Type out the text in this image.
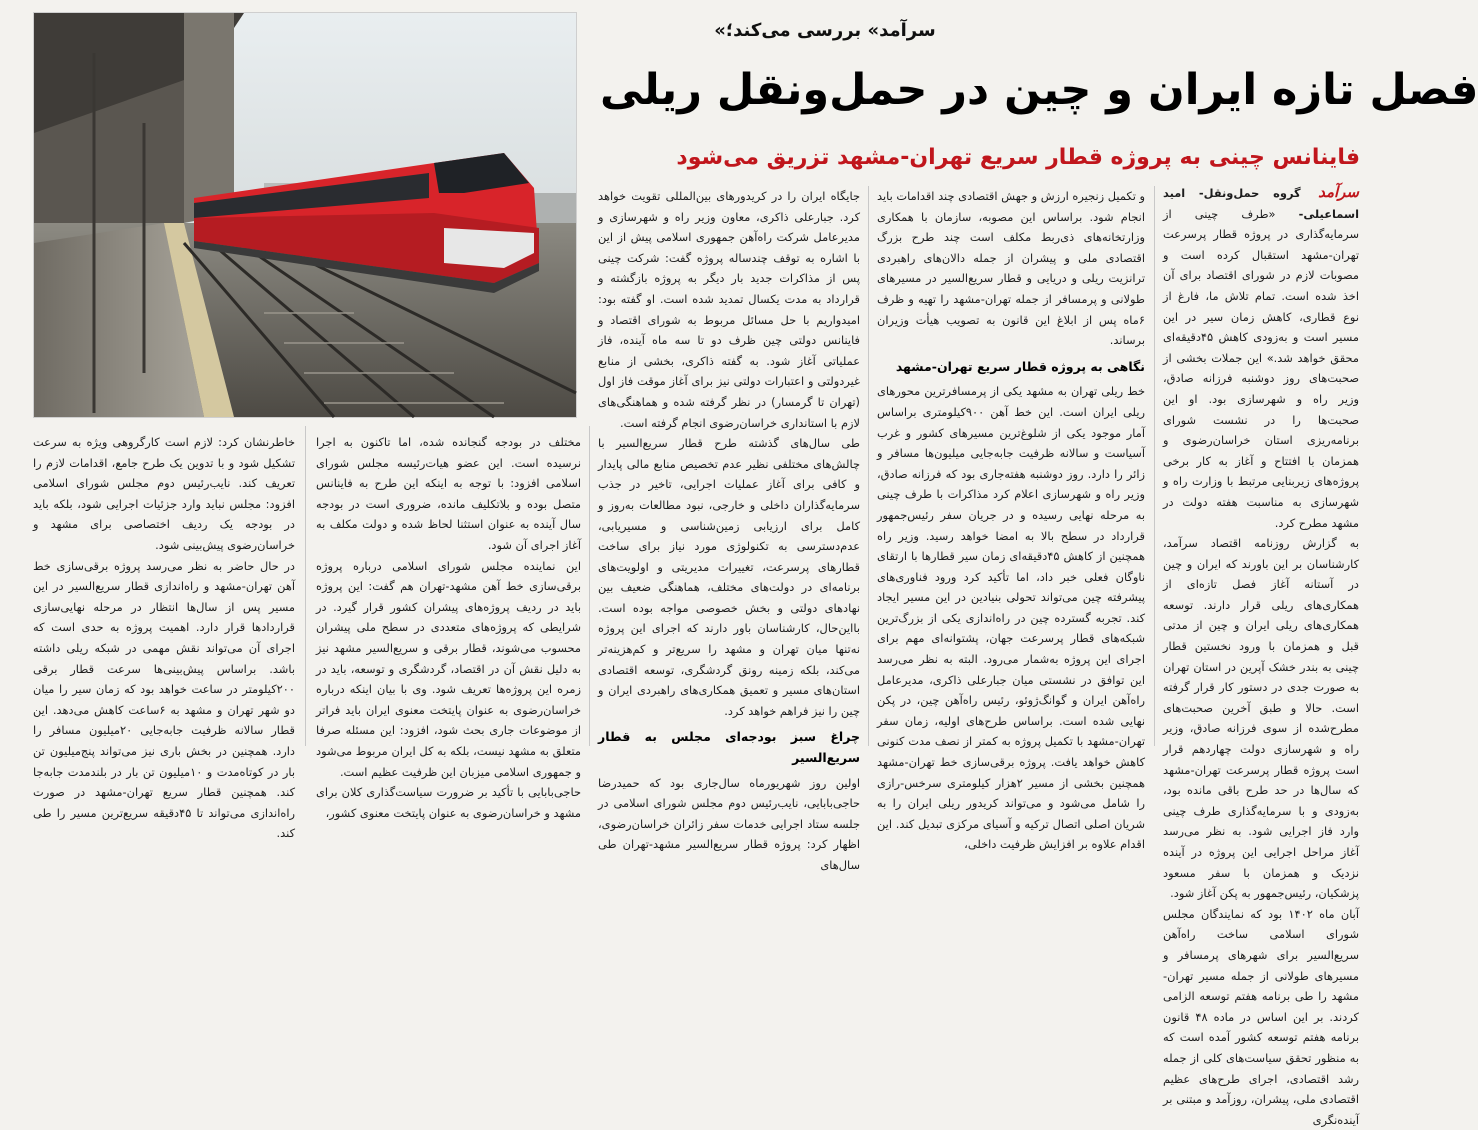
«سرآمد» بررسی می‌کند؛
فصل تازه ایران و چین در حمل‌ونقل ریلی
فاینانس چینی به پروژه قطار سریع تهران-مشهد تزریق می‌شود

سرآمد گروه حمل‌ونقل- امید اسماعیلی- «طرف چینی از سرمایه‌گذاری در پروژه قطار پرسرعت تهران-مشهد استقبال کرده است و مصوبات لازم در شورای اقتصاد برای آن اخذ شده است. تمام تلاش ما، فارغ از نوع قطاری، کاهش زمان سیر در این مسیر است و به‌زودی کاهش ۴۵دقیقه‌ای محقق خواهد شد.» این جملات بخشی از صحبت‌های روز دوشنبه فرزانه صادق، وزیر راه و شهرسازی بود. او این صحبت‌ها را در نشست شورای برنامه‌ریزی استان خراسان‌رضوی و همزمان با افتتاح و آغاز به کار برخی پروژه‌های زیربنایی مرتبط با وزارت راه و شهرسازی به مناسبت هفته دولت در مشهد مطرح کرد.

به گزارش روزنامه اقتصاد سرآمد، کارشناسان بر این باورند که ایران و چین در آستانه آغاز فصل تازه‌ای از همکاری‌های ریلی قرار دارند. توسعه همکاری‌های ریلی ایران و چین از مدتی قبل و همزمان با ورود نخستین قطار چینی به بندر خشک آپرین در استان تهران به صورت جدی در دستور کار قرار گرفته است. حالا و طبق آخرین صحبت‌های مطرح‌شده از سوی فرزانه صادق، وزیر راه و شهرسازی دولت چهاردهم قرار است پروژه قطار پرسرعت تهران-مشهد که سال‌ها در حد طرح باقی مانده بود، به‌زودی و با سرمایه‌گذاری طرف چینی وارد فاز اجرایی شود. به نظر می‌رسد آغاز مراحل اجرایی این پروژه در آینده نزدیک و همزمان با سفر مسعود پزشکیان، رئیس‌جمهور به پکن آغاز شود.

آبان ماه ۱۴۰۲ بود که نمایندگان مجلس شورای اسلامی ساخت راه‌آهن سریع‌السیر برای شهرهای پرمسافر و مسیرهای طولانی از جمله مسیر تهران-مشهد را طی برنامه هفتم توسعه الزامی کردند. بر این اساس در ماده ۴۸ قانون برنامه هفتم توسعه کشور آمده است که به منظور تحقق سیاست‌های کلی از جمله رشد اقتصادی، اجرای طرح‌های عظیم اقتصادی ملی، پیشران، روزآمد و مبتنی بر آینده‌نگری

و تکمیل زنجیره ارزش و جهش اقتصادی چند اقدامات باید انجام شود. براساس این مصوبه، سازمان با همکاری وزارتخانه‌های ذی‌ربط مکلف است چند طرح بزرگ اقتصادی ملی و پیشران از جمله دالان‌های راهبردی ترانزیت ریلی و دریایی و قطار سریع‌السیر در مسیرهای طولانی و پرمسافر از جمله تهران-مشهد را تهیه و ظرف ۶ماه پس از ابلاغ این قانون به تصویب هیأت وزیران برساند.

نگاهی به پروژه قطار سریع تهران-مشهد

خط ریلی تهران به مشهد یکی از پرمسافرترین محورهای ریلی ایران است. این خط آهن ۹۰۰کیلومتری براساس آمار موجود یکی از شلوغ‌ترین مسیرهای کشور و غرب آسیاست و سالانه ظرفیت جابه‌جایی میلیون‌ها مسافر و زائر را دارد. روز دوشنبه هفته‌جاری بود که فرزانه صادق، وزیر راه و شهرسازی اعلام کرد مذاکرات با طرف چینی به مرحله نهایی رسیده و در جریان سفر رئیس‌جمهور قرارداد در سطح بالا به امضا خواهد رسید. وزیر راه همچنین از کاهش ۴۵دقیقه‌ای زمان سیر قطارها با ارتقای ناوگان فعلی خبر داد، اما تأکید کرد ورود فناوری‌های پیشرفته چین می‌تواند تحولی بنیادین در این مسیر ایجاد کند. تجربه گسترده چین در راه‌اندازی یکی از بزرگ‌ترین شبکه‌های قطار پرسرعت جهان، پشتوانه‌ای مهم برای اجرای این پروژه به‌شمار می‌رود. البته به نظر می‌رسد این توافق در نشستی میان جبارعلی ذاکری، مدیرعامل راه‌آهن ایران و گوانگ‌ژوئو، رئیس راه‌آهن چین، در پکن نهایی شده است. براساس طرح‌های اولیه، زمان سفر تهران-مشهد با تکمیل پروژه به کمتر از نصف مدت کنونی کاهش خواهد یافت. پروژه برقی‌سازی خط تهران-مشهد همچنین بخشی از مسیر ۲هزار کیلومتری سرخس-رازی را شامل می‌شود و می‌تواند کریدور ریلی ایران را به شریان اصلی اتصال ترکیه و آسیای مرکزی تبدیل کند. این اقدام علاوه بر افزایش ظرفیت داخلی،

جایگاه ایران را در کریدورهای بین‌المللی تقویت خواهد کرد. جبارعلی ذاکری، معاون وزیر راه و شهرسازی و مدیرعامل شرکت راه‌آهن جمهوری اسلامی پیش از این با اشاره به توقف چندساله پروژه گفت: شرکت چینی پس از مذاکرات جدید بار دیگر به پروژه بازگشته و قرارداد به مدت یکسال تمدید شده است. او گفته بود: امیدواریم با حل مسائل مربوط به شورای اقتصاد و فاینانس دولتی چین ظرف دو تا سه ماه آینده، فاز عملیاتی آغاز شود. به گفته ذاکری، بخشی از منابع غیردولتی و اعتبارات دولتی نیز برای آغاز موقت فاز اول (تهران تا گرمسار) در نظر گرفته شده و هماهنگی‌های لازم با استانداری خراسان‌رضوی انجام گرفته است.

طی سال‌های گذشته طرح قطار سریع‌السیر با چالش‌های مختلفی نظیر عدم تخصیص منابع مالی پایدار و کافی برای آغاز عملیات اجرایی، تاخیر در جذب سرمایه‌گذاران داخلی و خارجی، نبود مطالعات به‌روز و کامل برای ارزیابی زمین‌شناسی و مسیریابی، عدم‌دسترسی به تکنولوژی مورد نیاز برای ساخت قطارهای پرسرعت، تغییرات مدیریتی و اولویت‌های برنامه‌ای در دولت‌های مختلف، هماهنگی ضعیف بین نهادهای دولتی و بخش خصوصی مواجه بوده است. با‌این‌حال، کارشناسان باور دارند که اجرای این پروژه نه‌تنها میان تهران و مشهد را سریع‌تر و کم‌هزینه‌تر می‌کند، بلکه زمینه رونق گردشگری، توسعه اقتصادی استان‌های مسیر و تعمیق همکاری‌های راهبردی ایران و چین را نیز فراهم خواهد کرد.

چراغ سبز بودجه‌ای مجلس به قطار سریع‌السیر

اولین روز شهریورماه سال‌جاری بود که حمیدرضا حاجی‌بابایی، نایب‌رئیس دوم مجلس شورای اسلامی در جلسه ستاد اجرایی خدمات سفر زائران خراسان‌رضوی، اظهار کرد: پروژه قطار سریع‌السیر مشهد-تهران طی سال‌های

مختلف در بودجه گنجانده شده، اما تاکنون به اجرا نرسیده است. این عضو هیات‌رئیسه مجلس شورای اسلامی افزود: با توجه به اینکه این طرح به فاینانس متصل بوده و بلاتکلیف مانده، ضروری است در بودجه سال آینده به عنوان استثنا لحاظ شده و دولت مکلف به آغاز اجرای آن شود.

این نماینده مجلس شورای اسلامی درباره پروژه برقی‌سازی خط آهن مشهد-تهران هم گفت: این پروژه باید در ردیف پروژه‌های پیشران کشور قرار گیرد. در شرایطی که پروژه‌های متعددی در سطح ملی پیشران محسوب می‌شوند، قطار برقی و سریع‌السیر مشهد نیز به دلیل نقش آن در اقتصاد، گردشگری و توسعه، باید در زمره این پروژه‌ها تعریف شود. وی با بیان اینکه درباره خراسان‌رضوی به عنوان پایتخت معنوی ایران باید فراتر از موضوعات جاری بحث شود، افزود: این مسئله صرفا متعلق به مشهد نیست، بلکه به کل ایران مربوط می‌شود و جمهوری اسلامی میزبان این ظرفیت عظیم است.

حاجی‌بابایی با تأکید بر ضرورت سیاست‌گذاری کلان برای مشهد و خراسان‌رضوی به عنوان پایتخت معنوی کشور،

خاطرنشان کرد: لازم است کارگروهی ویژه به سرعت تشکیل شود و با تدوین یک طرح جامع، اقدامات لازم را تعریف کند. نایب‌رئیس دوم مجلس شورای اسلامی افزود: مجلس نباید وارد جزئیات اجرایی شود، بلکه باید در بودجه یک ردیف اختصاصی برای مشهد و خراسان‌رضوی پیش‌بینی شود.

در حال حاضر به نظر می‌رسد پروژه برقی‌سازی خط آهن تهران-مشهد و راه‌اندازی قطار سریع‌السیر در این مسیر پس از سال‌ها انتظار در مرحله نهایی‌سازی قراردادها قرار دارد. اهمیت پروژه به حدی است که اجرای آن می‌تواند نقش مهمی در شبکه ریلی داشته باشد. براساس پیش‌بینی‌ها سرعت قطار برقی ۲۰۰کیلومتر در ساعت خواهد بود که زمان سیر را میان دو شهر تهران و مشهد به ۶ساعت کاهش می‌دهد. این قطار سالانه ظرفیت جابه‌جایی ۲۰میلیون مسافر را دارد. همچنین در بخش باری نیز می‌تواند پنج‌میلیون تن بار در کوتاه‌مدت و ۱۰میلیون تن بار در بلندمدت جابه‌جا کند. همچنین قطار سریع تهران-مشهد در صورت راه‌اندازی می‌تواند تا ۴۵دقیقه سریع‌ترین مسیر را طی کند.
